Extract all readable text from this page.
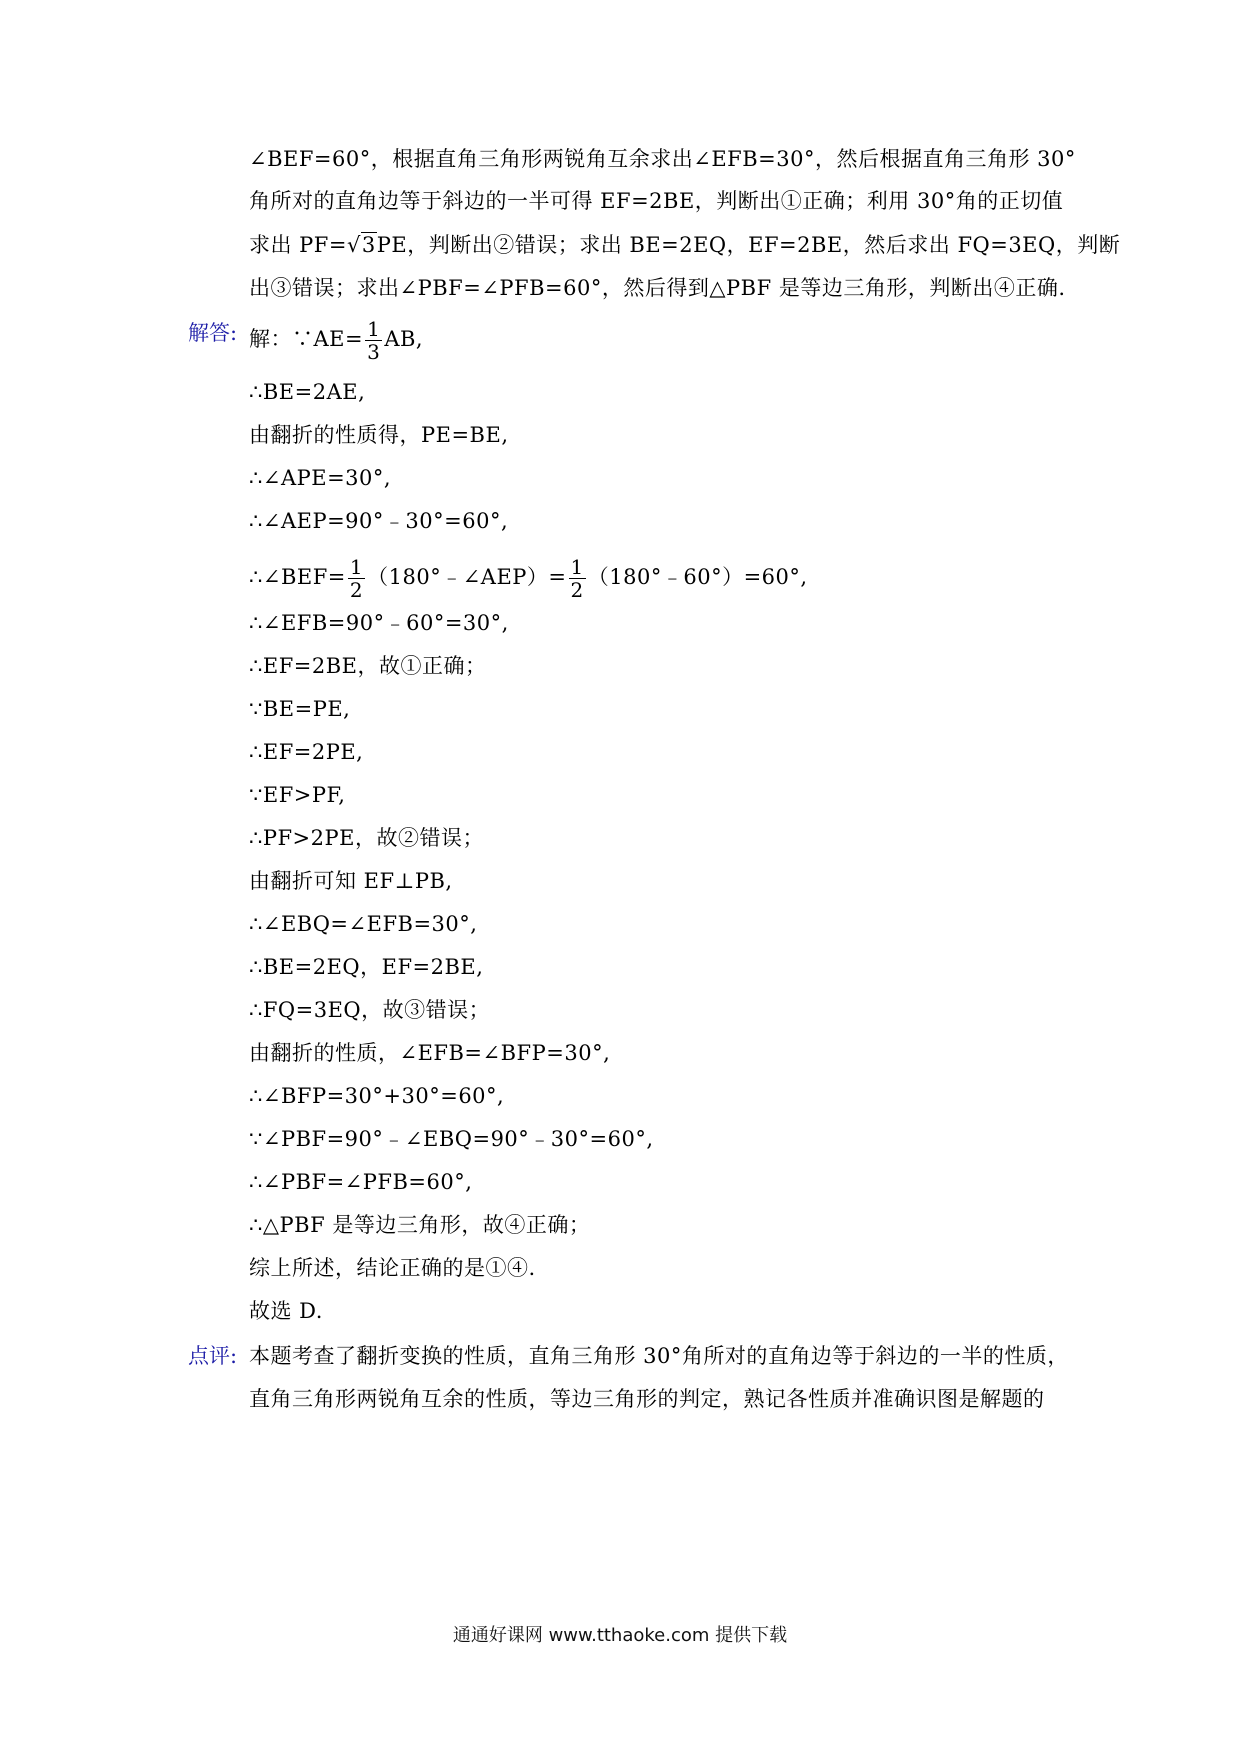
∠BEF=60°，根据直角三角形两锐角互余求出∠EFB=30°，然后根据直角三角形 30°
角所对的直角边等于斜边的一半可得 EF=2BE，判断出①正确；利用 30°角的正切值
求出 PF=√3PE，判断出②错误；求出 BE=2EQ，EF=2BE，然后求出 FQ=3EQ，判断
出③错误；求出∠PBF=∠PFB=60°，然后得到△PBF 是等边三角形，判断出④正确.
解答: 解：∵AE= $\frac{1}{3}$ AB,
∴BE=2AE,
由翻折的性质得，PE=BE,
∴∠APE=30°,
∴∠AEP=90°﹣30°=60°,
∴∠BEF= $\frac{1}{2}$ （180°﹣∠AEP）= $\frac{1}{2}$ （180°﹣60°）=60°,
∴∠EFB=90°﹣60°=30°,
∴EF=2BE，故①正确；
∵BE=PE,
∴EF=2PE,
∵EF>PF,
∴PF>2PE，故②错误；
由翻折可知 EF⊥PB,
∴∠EBQ=∠EFB=30°,
∴BE=2EQ，EF=2BE,
∴FQ=3EQ，故③错误；
由翻折的性质，∠EFB=∠BFP=30°,
∴∠BFP=30°+30°=60°,
∵∠PBF=90°﹣∠EBQ=90°﹣30°=60°,
∴∠PBF=∠PFB=60°,
∴△PBF 是等边三角形，故④正确；
综上所述，结论正确的是①④.
故选 D.
点评: 本题考查了翻折变换的性质，直角三角形 30°角所对的直角边等于斜边的一半的性质，
直角三角形两锐角互余的性质，等边三角形的判定，熟记各性质并准确识图是解题的
通通好课网 www.tthaoke.com 提供下载
